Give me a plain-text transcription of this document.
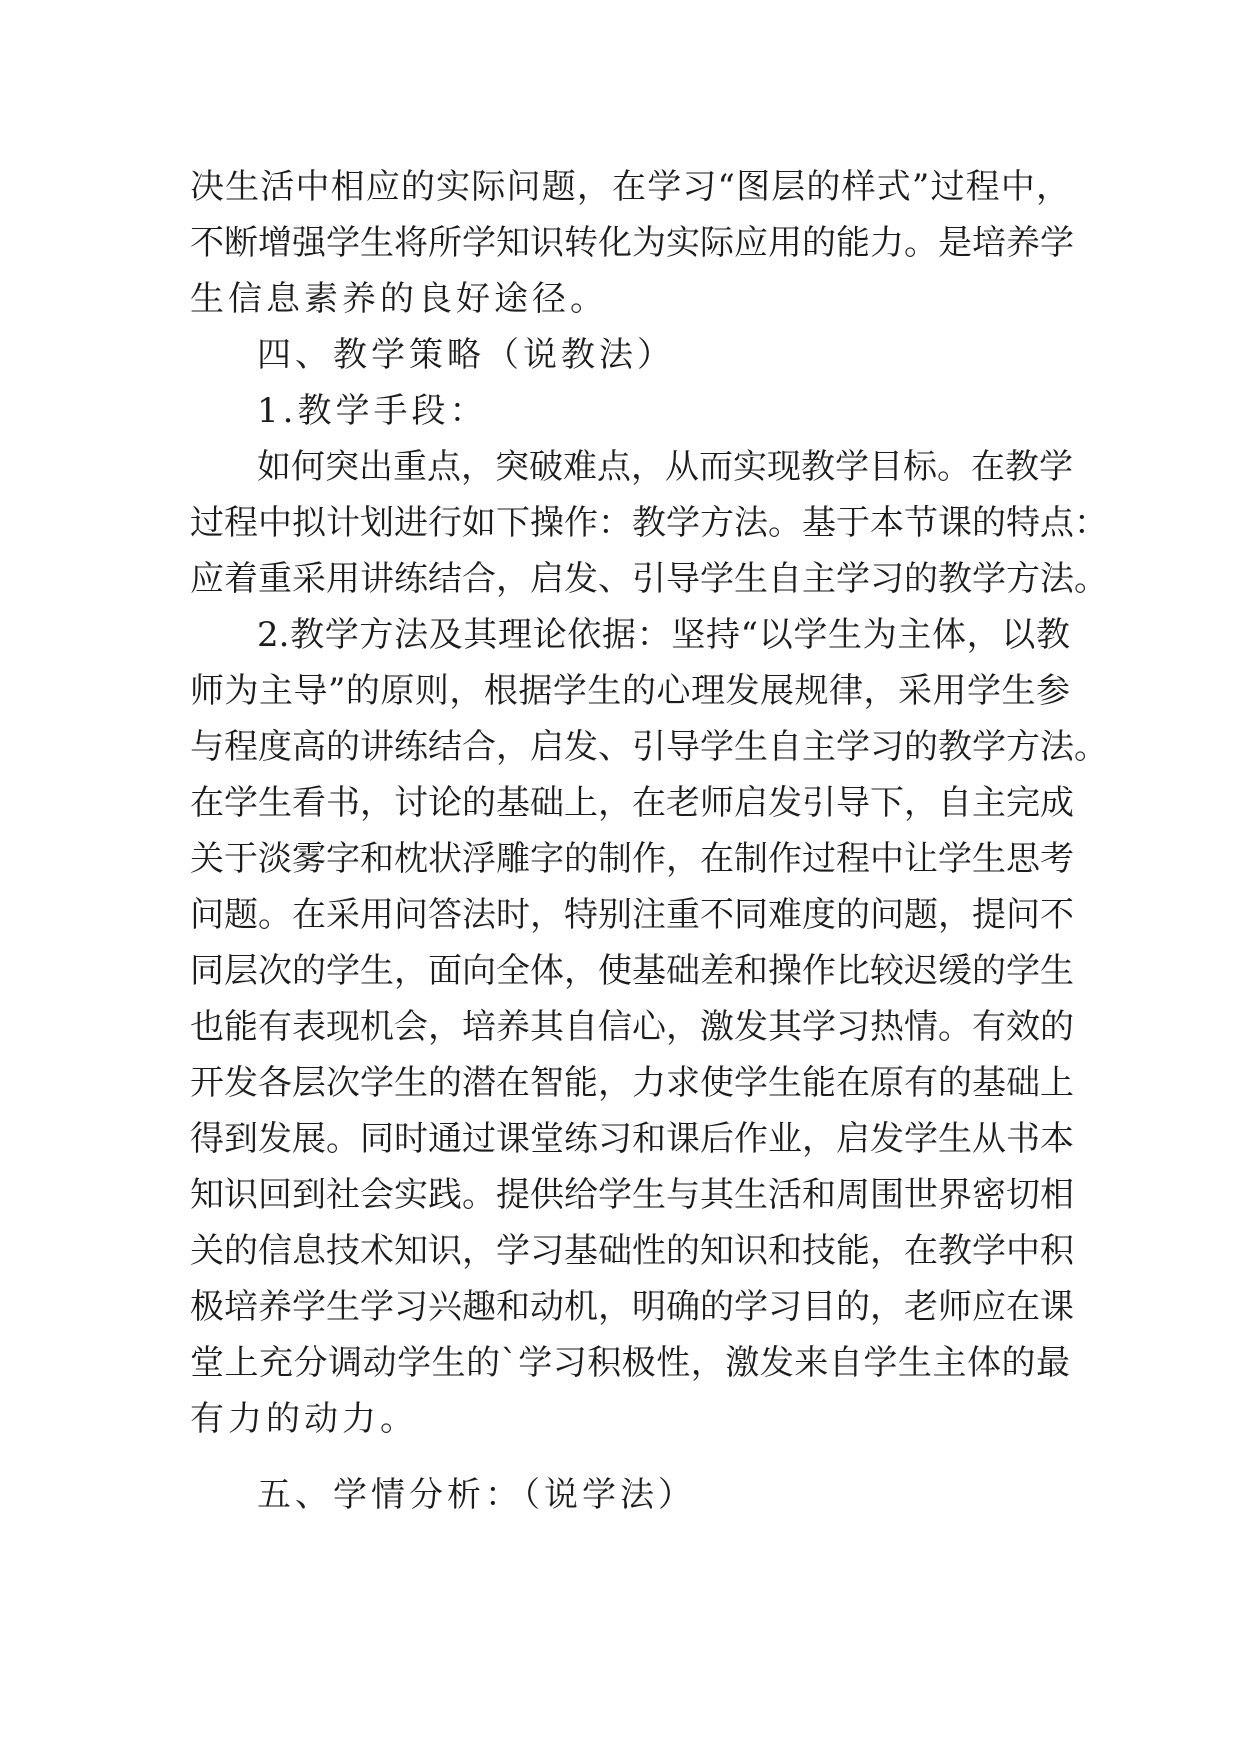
决生活中相应的实际问题，在学习“图层的样式”过程中，
不断增强学生将所学知识转化为实际应用的能力。是培养学
生信息素养的良好途径。
四、教学策略（说教法）
1.教学手段：
如何突出重点，突破难点，从而实现教学目标。在教学
过程中拟计划进行如下操作：教学方法。基于本节课的特点：
应着重采用讲练结合，启发、引导学生自主学习的教学方法。
2.教学方法及其理论依据：坚持“以学生为主体，以教
师为主导”的原则，根据学生的心理发展规律，采用学生参
与程度高的讲练结合，启发、引导学生自主学习的教学方法。
在学生看书，讨论的基础上，在老师启发引导下，自主完成
关于淡雾字和枕状浮雕字的制作，在制作过程中让学生思考
问题。在采用问答法时，特别注重不同难度的问题，提问不
同层次的学生，面向全体，使基础差和操作比较迟缓的学生
也能有表现机会，培养其自信心，激发其学习热情。有效的
开发各层次学生的潜在智能，力求使学生能在原有的基础上
得到发展。同时通过课堂练习和课后作业，启发学生从书本
知识回到社会实践。提供给学生与其生活和周围世界密切相
关的信息技术知识，学习基础性的知识和技能，在教学中积
极培养学生学习兴趣和动机，明确的学习目的，老师应在课
堂上充分调动学生的`学习积极性，激发来自学生主体的最
有力的动力。
五、学情分析：（说学法）
